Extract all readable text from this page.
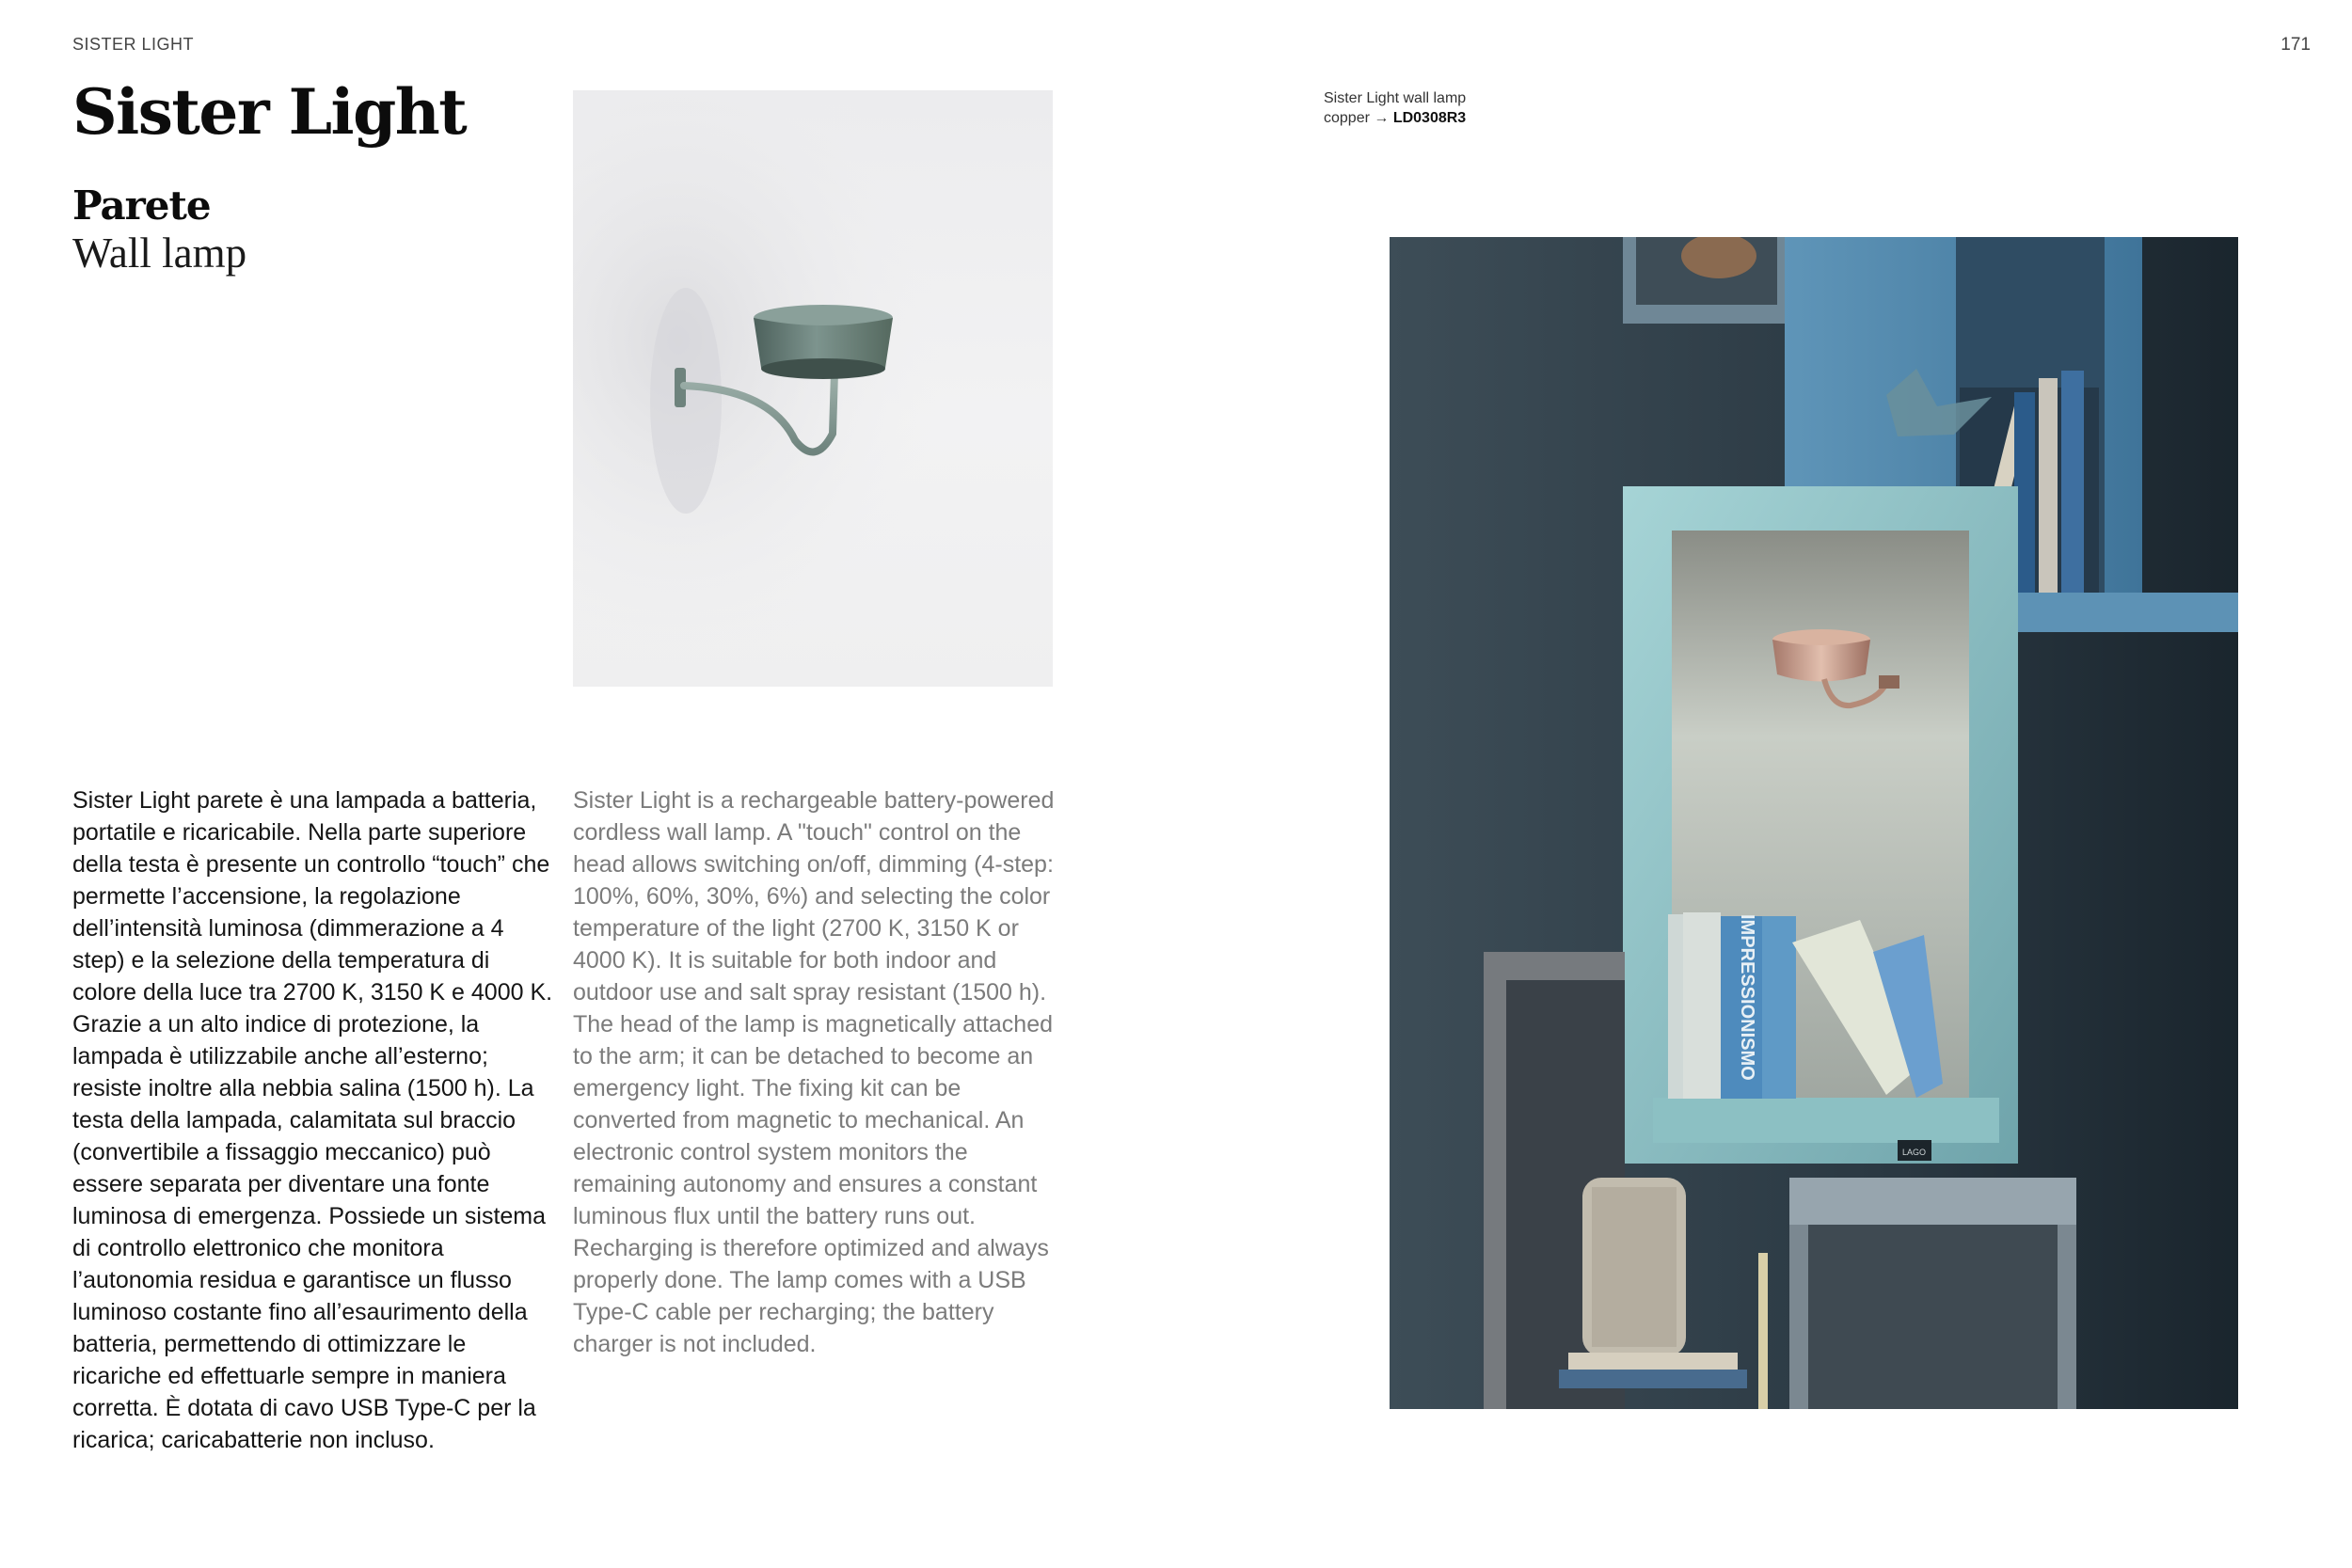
SISTER LIGHT	171
Sister Light
Parete
Wall lamp
Sister Light wall lamp
copper → LD0308R3

Sister Light parete è una lampada a batteria, portatile e ricaricabile. Nella parte superiore della testa è presente un controllo “touch” che permette l’accensione, la regolazione dell’intensità luminosa (dimmerazione a 4 step) e la selezione della temperatura di colore della luce tra 2700 K, 3150 K e 4000 K. Grazie a un alto indice di protezione, la lampada è utilizzabile anche all’esterno; resiste inoltre alla nebbia salina (1500 h). La testa della lampada, calamitata sul braccio (convertibile a fissaggio meccanico) può essere separata per diventare una fonte luminosa di emergenza. Possiede un sistema di controllo elettronico che monitora l’autonomia residua e garantisce un flusso luminoso costante fino all’esaurimento della batteria, permettendo di ottimizzare le ricariche ed effettuarle sempre in maniera corretta. È dotata di cavo USB Type-C per la ricarica; caricabatterie non incluso.

Sister Light is a rechargeable battery-powered cordless wall lamp. A "touch" control on the head allows switching on/off, dimming (4-step: 100%, 60%, 30%, 6%) and selecting the color temperature of the light (2700 K, 3150 K or 4000 K). It is suitable for both indoor and outdoor use and salt spray resistant (1500 h). The head of the lamp is magnetically attached to the arm; it can be detached to become an emergency light. The fixing kit can be converted from magnetic to mechanical. An electronic control system monitors the remaining autonomy and ensures a constant luminous flux until the battery runs out. Recharging is therefore optimized and always properly done. The lamp comes with a USB Type-C cable per recharging; the battery charger is not included.

IMPRESSIONISMO
LAGO
